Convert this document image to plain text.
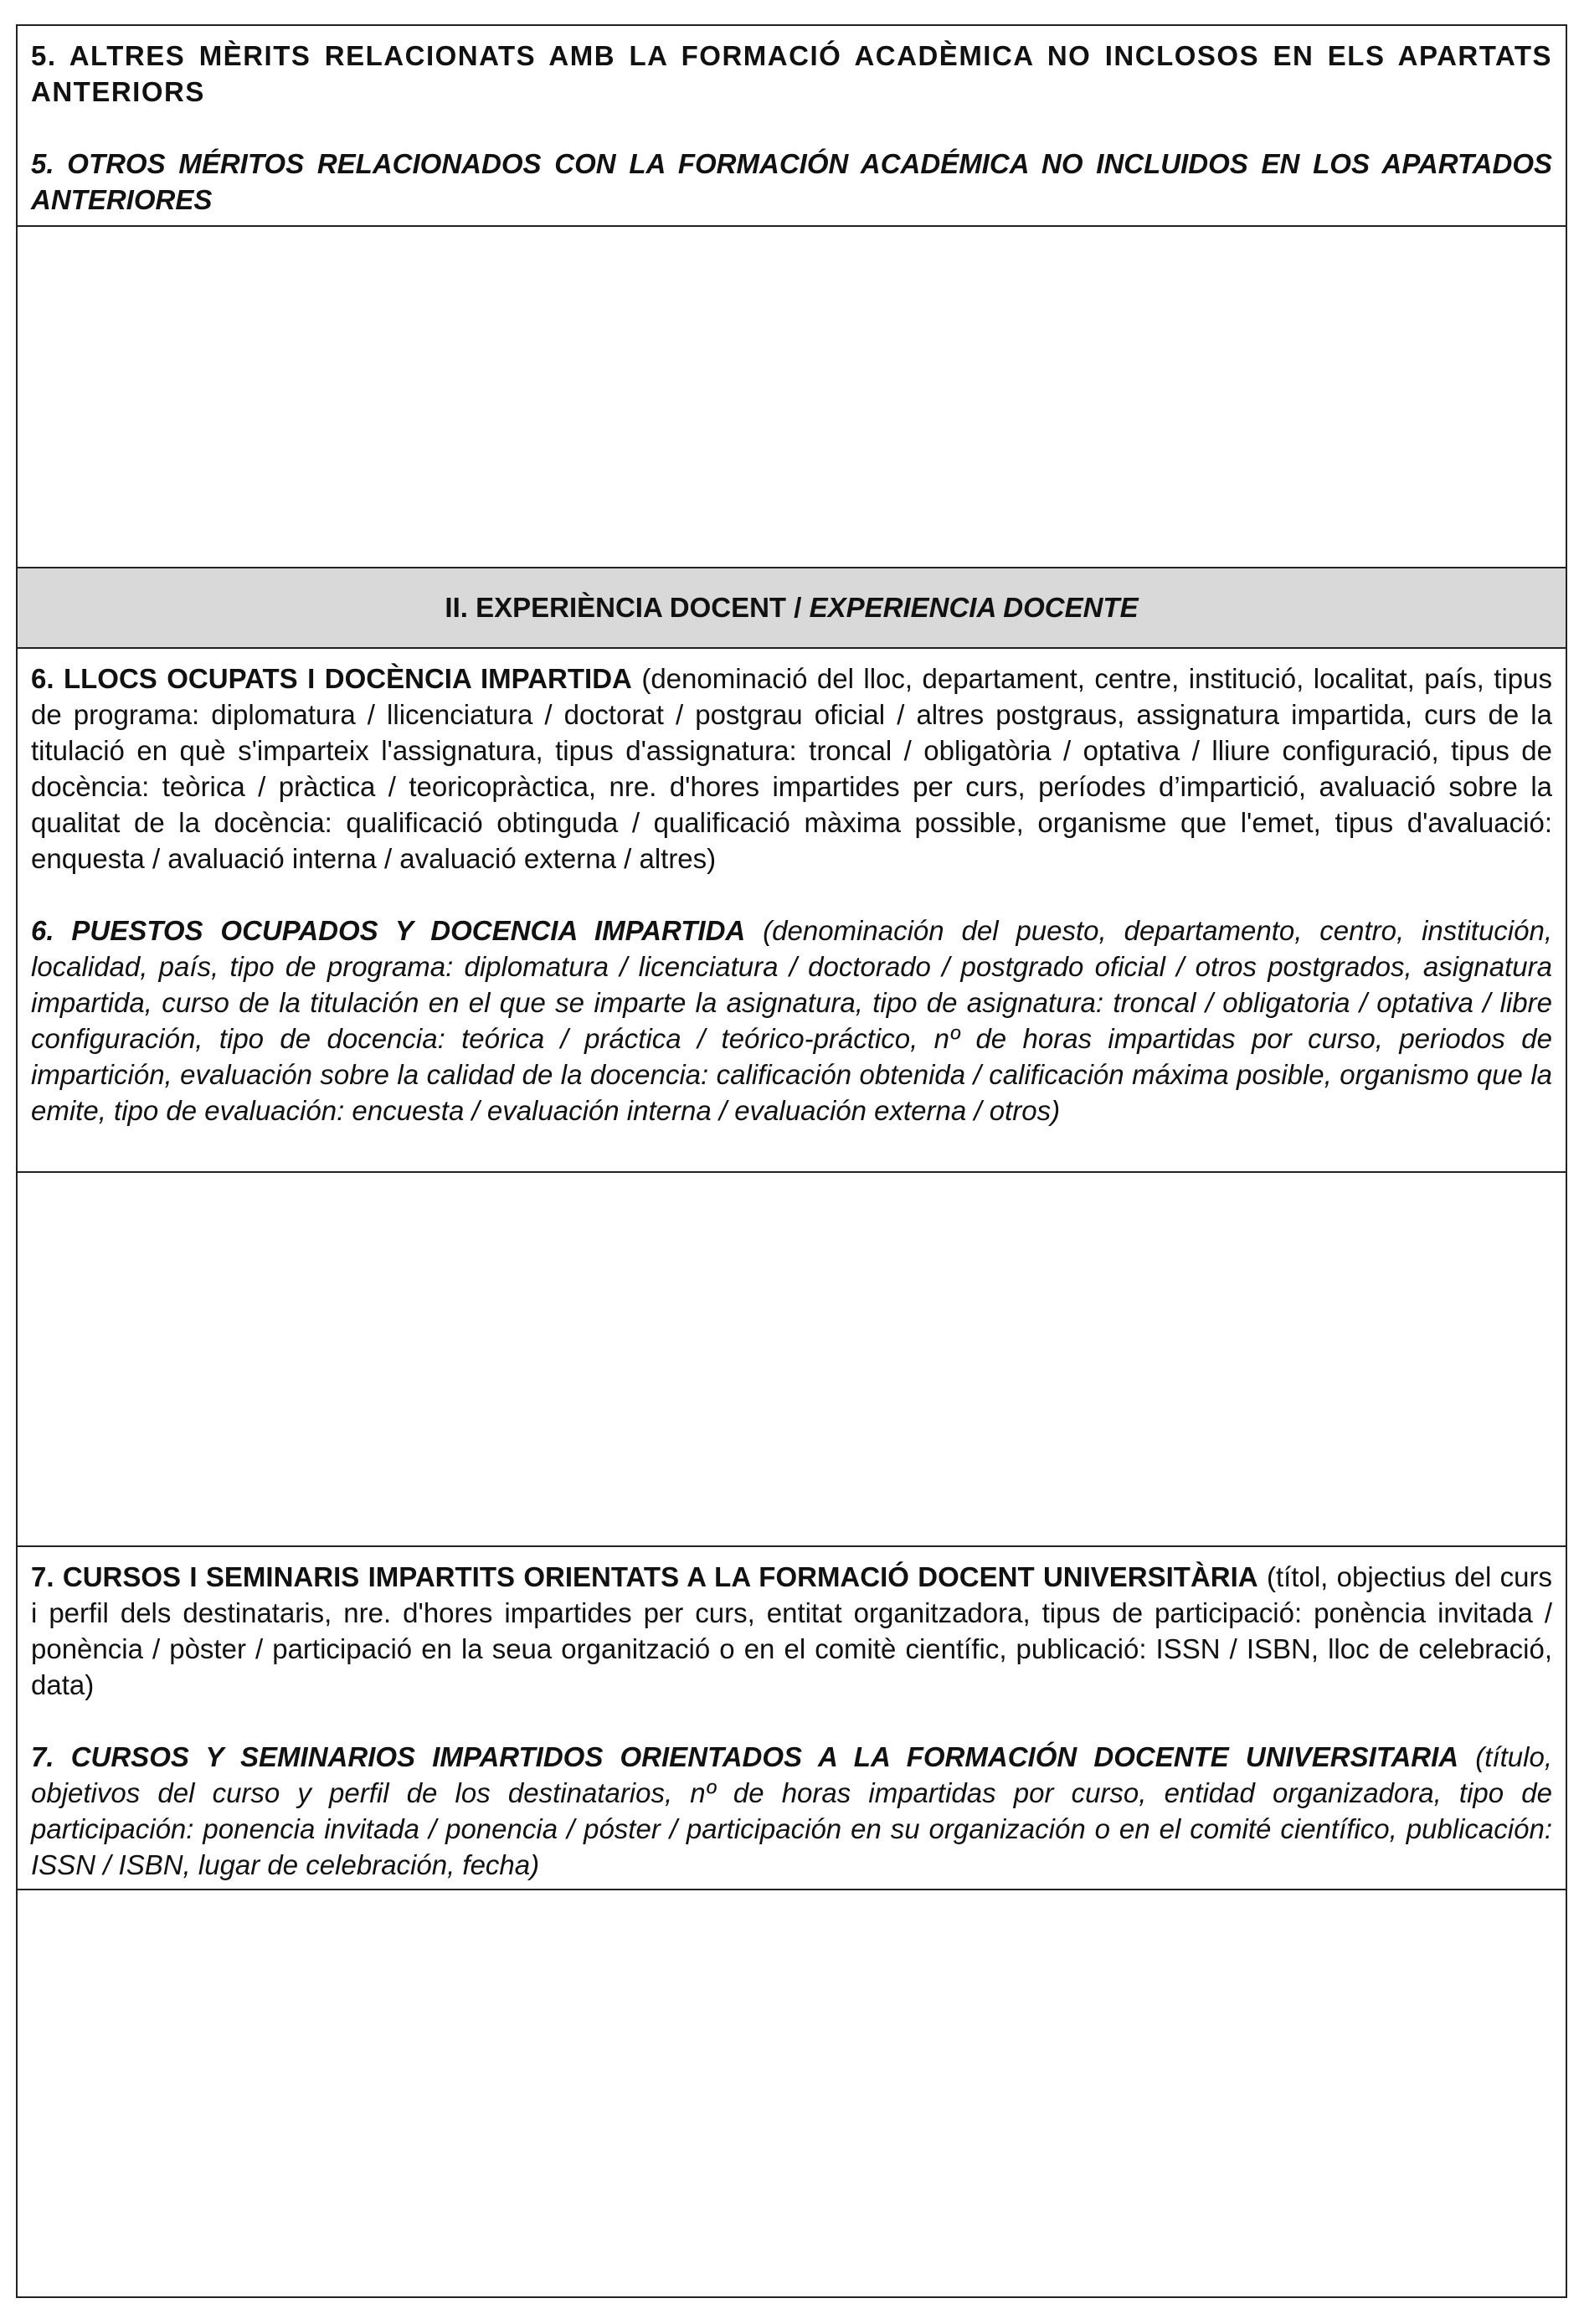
5. ALTRES MÈRITS RELACIONATS AMB LA FORMACIÓ ACADÈMICA NO INCLOSOS EN ELS APARTATS ANTERIORS

5. OTROS MÉRITOS RELACIONADOS CON LA FORMACIÓN ACADÉMICA NO INCLUIDOS EN LOS APARTADOS ANTERIORES

II. EXPERIÈNCIA DOCENT / EXPERIENCIA DOCENTE

6. LLOCS OCUPATS I DOCÈNCIA IMPARTIDA (denominació del lloc, departament, centre, institució, localitat, país, tipus de programa: diplomatura / llicenciatura / doctorat / postgrau oficial / altres postgraus, assignatura impartida, curs de la titulació en què s'imparteix l'assignatura, tipus d'assignatura: troncal / obligatòria / optativa / lliure configuració, tipus de docència: teòrica / pràctica / teoricopràctica, nre. d'hores impartides per curs, períodes d’impartició, avaluació sobre la qualitat de la docència: qualificació obtinguda / qualificació màxima possible, organisme que l'emet, tipus d'avaluació: enquesta / avaluació interna / avaluació externa / altres)

6. PUESTOS OCUPADOS Y DOCENCIA IMPARTIDA (denominación del puesto, departamento, centro, institución, localidad, país, tipo de programa: diplomatura / licenciatura / doctorado / postgrado oficial / otros postgrados, asignatura impartida, curso de la titulación en el que se imparte la asignatura, tipo de asignatura: troncal / obligatoria / optativa / libre configuración, tipo de docencia: teórica / práctica / teórico-práctico, nº de horas impartidas por curso, periodos de impartición, evaluación sobre la calidad de la docencia: calificación obtenida / calificación máxima posible, organismo que la emite, tipo de evaluación: encuesta / evaluación interna / evaluación externa / otros)

7. CURSOS I SEMINARIS IMPARTITS ORIENTATS A LA FORMACIÓ DOCENT UNIVERSITÀRIA (títol, objectius del curs i perfil dels destinataris, nre. d'hores impartides per curs, entitat organitzadora, tipus de participació: ponència invitada / ponència / pòster / participació en la seua organització o en el comitè científic, publicació: ISSN / ISBN, lloc de celebració, data)

7. CURSOS Y SEMINARIOS IMPARTIDOS ORIENTADOS A LA FORMACIÓN DOCENTE UNIVERSITARIA (título, objetivos del curso y perfil de los destinatarios, nº de horas impartidas por curso, entidad organizadora, tipo de participación: ponencia invitada / ponencia / póster / participación en su organización o en el comité científico, publicación: ISSN / ISBN, lugar de celebración, fecha)
